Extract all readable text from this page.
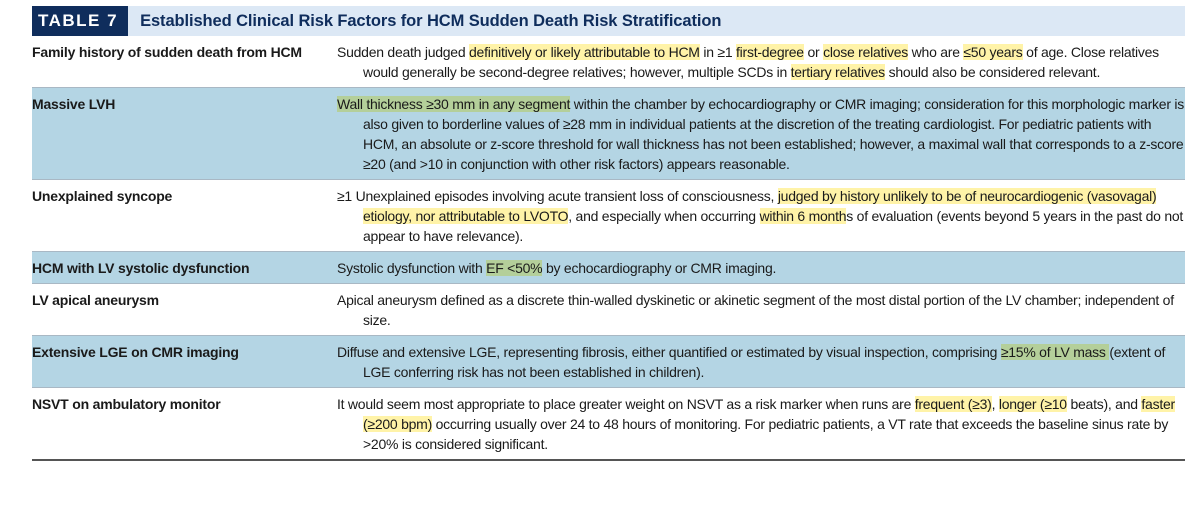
TABLE 7	Established Clinical Risk Factors for HCM Sudden Death Risk Stratification
Family history of sudden death from HCM	Sudden death judged definitively or likely attributable to HCM in ≥1 first-degree or close relatives who are ≤50 years of age. Close relatives would generally be second-degree relatives; however, multiple SCDs in tertiary relatives should also be considered relevant.
Massive LVH	Wall thickness ≥30 mm in any segment within the chamber by echocardiography or CMR imaging; consideration for this morphologic marker is also given to borderline values of ≥28 mm in individual patients at the discretion of the treating cardiologist. For pediatric patients with HCM, an absolute or z-score threshold for wall thickness has not been established; however, a maximal wall that corresponds to a z-score ≥20 (and >10 in conjunction with other risk factors) appears reasonable.
Unexplained syncope	≥1 Unexplained episodes involving acute transient loss of consciousness, judged by history unlikely to be of neurocardiogenic (vasovagal) etiology, nor attributable to LVOTO, and especially when occurring within 6 months of evaluation (events beyond 5 years in the past do not appear to have relevance).
HCM with LV systolic dysfunction	Systolic dysfunction with EF <50% by echocardiography or CMR imaging.
LV apical aneurysm	Apical aneurysm defined as a discrete thin-walled dyskinetic or akinetic segment of the most distal portion of the LV chamber; independent of size.
Extensive LGE on CMR imaging	Diffuse and extensive LGE, representing fibrosis, either quantified or estimated by visual inspection, comprising ≥15% of LV mass (extent of LGE conferring risk has not been established in children).
NSVT on ambulatory monitor	It would seem most appropriate to place greater weight on NSVT as a risk marker when runs are frequent (≥3), longer (≥10 beats), and faster (≥200 bpm) occurring usually over 24 to 48 hours of monitoring. For pediatric patients, a VT rate that exceeds the baseline sinus rate by >20% is considered significant.
